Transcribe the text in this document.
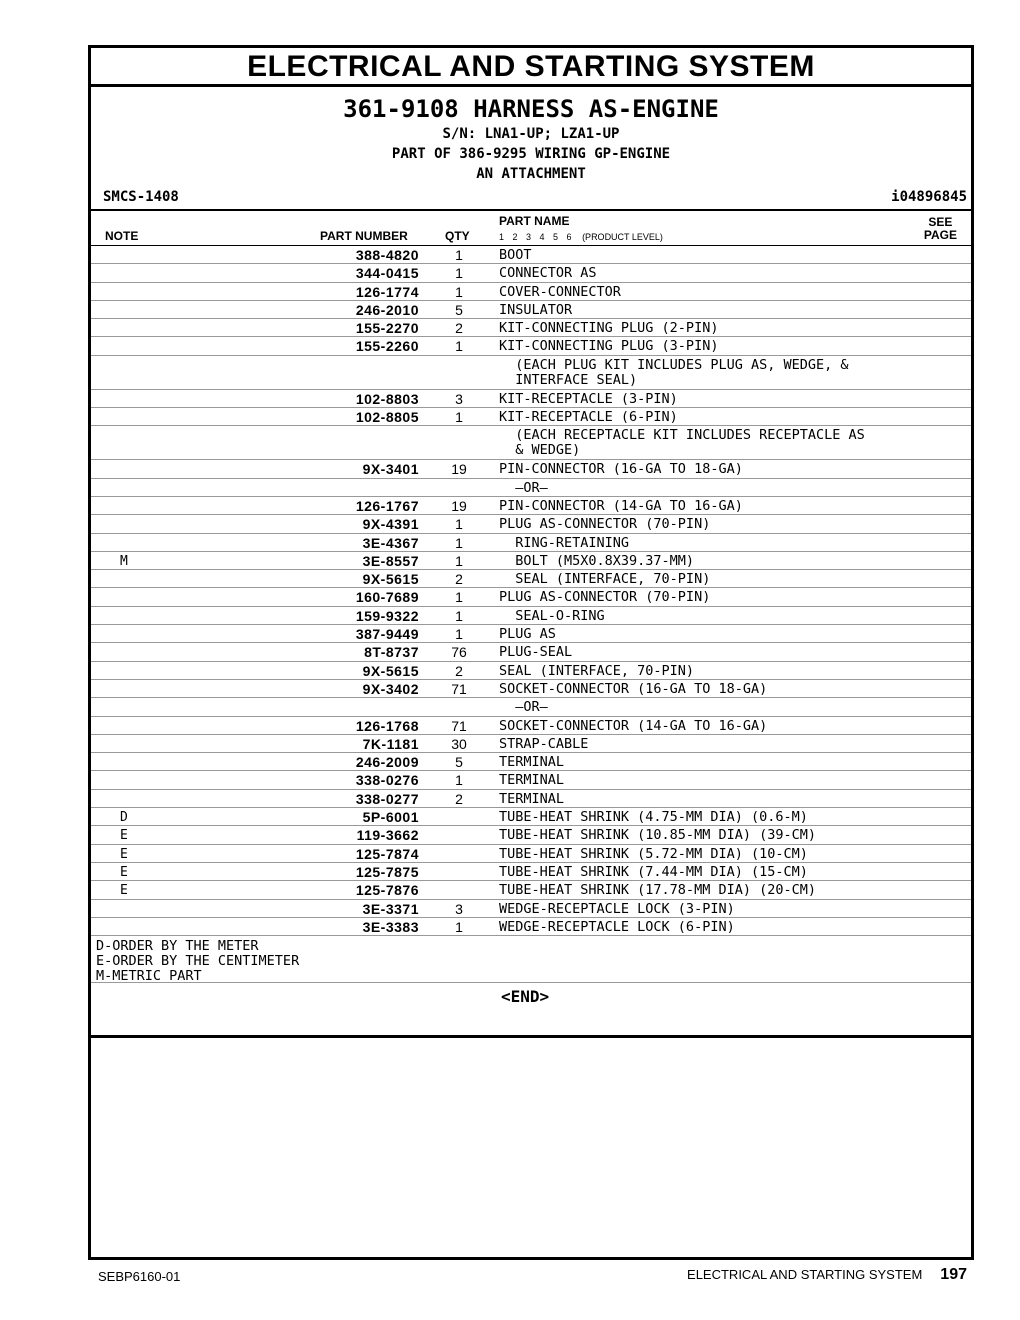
ELECTRICAL AND STARTING SYSTEM
361-9108 HARNESS AS-ENGINE
S/N: LNA1-UP; LZA1-UP
PART OF 386-9295 WIRING GP-ENGINE
AN ATTACHMENT
SMCS-1408	i04896845
NOTE	PART NUMBER	QTY
PART NAME
1 2 3 4 5 6 (PRODUCT LEVEL)
SEE
PAGE
388-4820	1	BOOT
344-0415	1	CONNECTOR AS
126-1774	1	COVER-CONNECTOR
246-2010	5	INSULATOR
155-2270	2	KIT-CONNECTING PLUG (2-PIN)
155-2260	1	KIT-CONNECTING PLUG (3-PIN)
(EACH PLUG KIT INCLUDES PLUG AS, WEDGE, &
INTERFACE SEAL)
102-8803	3	KIT-RECEPTACLE (3-PIN)
102-8805	1	KIT-RECEPTACLE (6-PIN)
(EACH RECEPTACLE KIT INCLUDES RECEPTACLE AS
& WEDGE)
9X-3401	19	PIN-CONNECTOR (16-GA TO 18-GA)
—OR—
126-1767	19	PIN-CONNECTOR (14-GA TO 16-GA)
9X-4391	1	PLUG AS-CONNECTOR (70-PIN)
3E-4367	1	RING-RETAINING
M	3E-8557	1	BOLT (M5X0.8X39.37-MM)
9X-5615	2	SEAL (INTERFACE, 70-PIN)
160-7689	1	PLUG AS-CONNECTOR (70-PIN)
159-9322	1	SEAL-O-RING
387-9449	1	PLUG AS
8T-8737	76	PLUG-SEAL
9X-5615	2	SEAL (INTERFACE, 70-PIN)
9X-3402	71	SOCKET-CONNECTOR (16-GA TO 18-GA)
—OR—
126-1768	71	SOCKET-CONNECTOR (14-GA TO 16-GA)
7K-1181	30	STRAP-CABLE
246-2009	5	TERMINAL
338-0276	1	TERMINAL
338-0277	2	TERMINAL
D	5P-6001	TUBE-HEAT SHRINK (4.75-MM DIA) (0.6-M)
E	119-3662	TUBE-HEAT SHRINK (10.85-MM DIA) (39-CM)
E	125-7874	TUBE-HEAT SHRINK (5.72-MM DIA) (10-CM)
E	125-7875	TUBE-HEAT SHRINK (7.44-MM DIA) (15-CM)
E	125-7876	TUBE-HEAT SHRINK (17.78-MM DIA) (20-CM)
3E-3371	3	WEDGE-RECEPTACLE LOCK (3-PIN)
3E-3383	1	WEDGE-RECEPTACLE LOCK (6-PIN)
D-ORDER BY THE METER
E-ORDER BY THE CENTIMETER
M-METRIC PART
<END>
SEBP6160-01	ELECTRICAL AND STARTING SYSTEM 197
